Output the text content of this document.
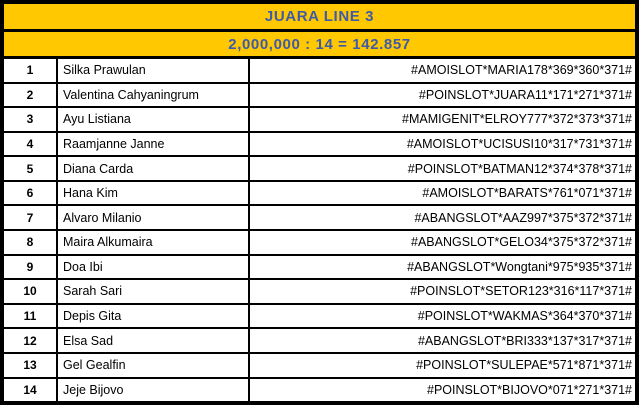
JUARA LINE 3
2,000,000 : 14 = 142.857
1	Silka Prawulan	#AMOISLOT*MARIA178*369*360*371#
2	Valentina Cahyaningrum	#POINSLOT*JUARA11*171*271*371#
3	Ayu Listiana	#MAMIGENIT*ELROY777*372*373*371#
4	Raamjanne Janne	#AMOISLOT*UCISUSI10*317*731*371#
5	Diana Carda	#POINSLOT*BATMAN12*374*378*371#
6	Hana Kim	#AMOISLOT*BARATS*761*071*371#
7	Alvaro Milanio	#ABANGSLOT*AAZ997*375*372*371#
8	Maira Alkumaira	#ABANGSLOT*GELO34*375*372*371#
9	Doa Ibi	#ABANGSLOT*Wongtani*975*935*371#
10	Sarah Sari	#POINSLOT*SETOR123*316*117*371#
11	Depis Gita	#POINSLOT*WAKMAS*364*370*371#
12	Elsa Sad	#ABANGSLOT*BRI333*137*317*371#
13	Gel Gealfin	#POINSLOT*SULEPAE*571*871*371#
14	Jeje Bijovo	#POINSLOT*BIJOVO*071*271*371#
